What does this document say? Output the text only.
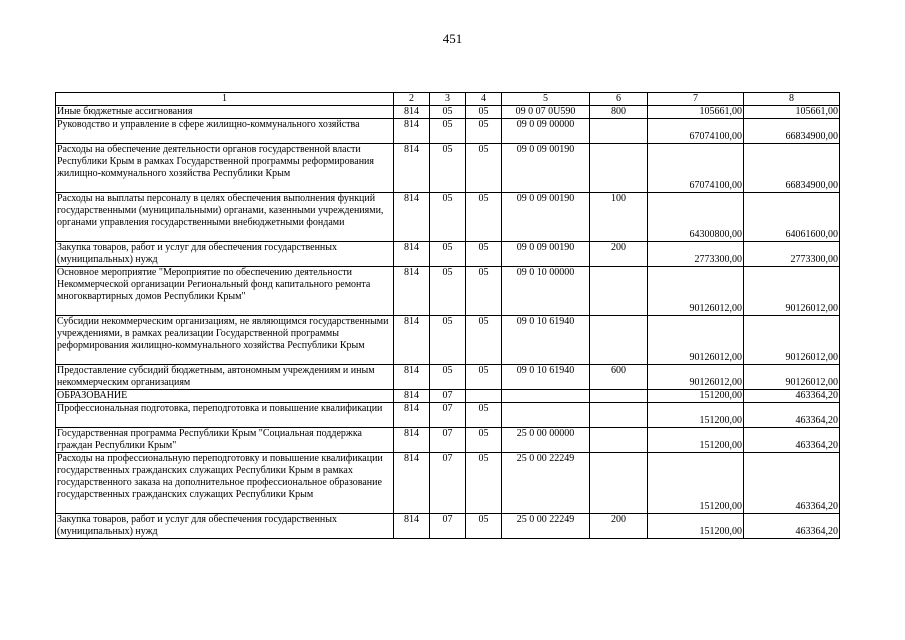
451
1	2	3	4	5	6	7	8
Иные бюджетные ассигнования	814	05	05	09 0 07 0U590	800	105661,00	105661,00
Руководство и управление в сфере жилищно-коммунального хозяйства	814	05	05	09 0 09 00000		67074100,00	66834900,00
Расходы на обеспечение деятельности органов государственной власти Республики Крым в рамках Государственной программы реформирования жилищно-коммунального хозяйства Республики Крым	814	05	05	09 0 09 00190		67074100,00	66834900,00
Расходы на выплаты персоналу в целях обеспечения выполнения функций государственными (муниципальными) органами, казенными учреждениями, органами управления государственными внебюджетными фондами	814	05	05	09 0 09 00190	100	64300800,00	64061600,00
Закупка товаров, работ и услуг для обеспечения государственных (муниципальных) нужд	814	05	05	09 0 09 00190	200	2773300,00	2773300,00
Основное мероприятие "Мероприятие по обеспечению деятельности Некоммерческой организации Региональный фонд капитального ремонта многоквартирных домов Республики Крым"	814	05	05	09 0 10 00000		90126012,00	90126012,00
Субсидии некоммерческим организациям, не являющимся государственными учреждениями, в рамках реализации Государственной программы реформирования жилищно-коммунального хозяйства Республики Крым	814	05	05	09 0 10 61940		90126012,00	90126012,00
Предоставление субсидий бюджетным, автономным учреждениям и иным некоммерческим организациям	814	05	05	09 0 10 61940	600	90126012,00	90126012,00
ОБРАЗОВАНИЕ	814	07				151200,00	463364,20
Профессиональная подготовка, переподготовка и повышение квалификации	814	07	05			151200,00	463364,20
Государственная программа Республики Крым "Социальная поддержка граждан Республики Крым"	814	07	05	25 0 00 00000		151200,00	463364,20
Расходы на профессиональную переподготовку и повышение квалификации государственных гражданских служащих Республики Крым в рамках государственного заказа на дополнительное профессиональное образование государственных гражданских служащих Республики Крым	814	07	05	25 0 00 22249		151200,00	463364,20
Закупка товаров, работ и услуг для обеспечения государственных (муниципальных) нужд	814	07	05	25 0 00 22249	200	151200,00	463364,20
